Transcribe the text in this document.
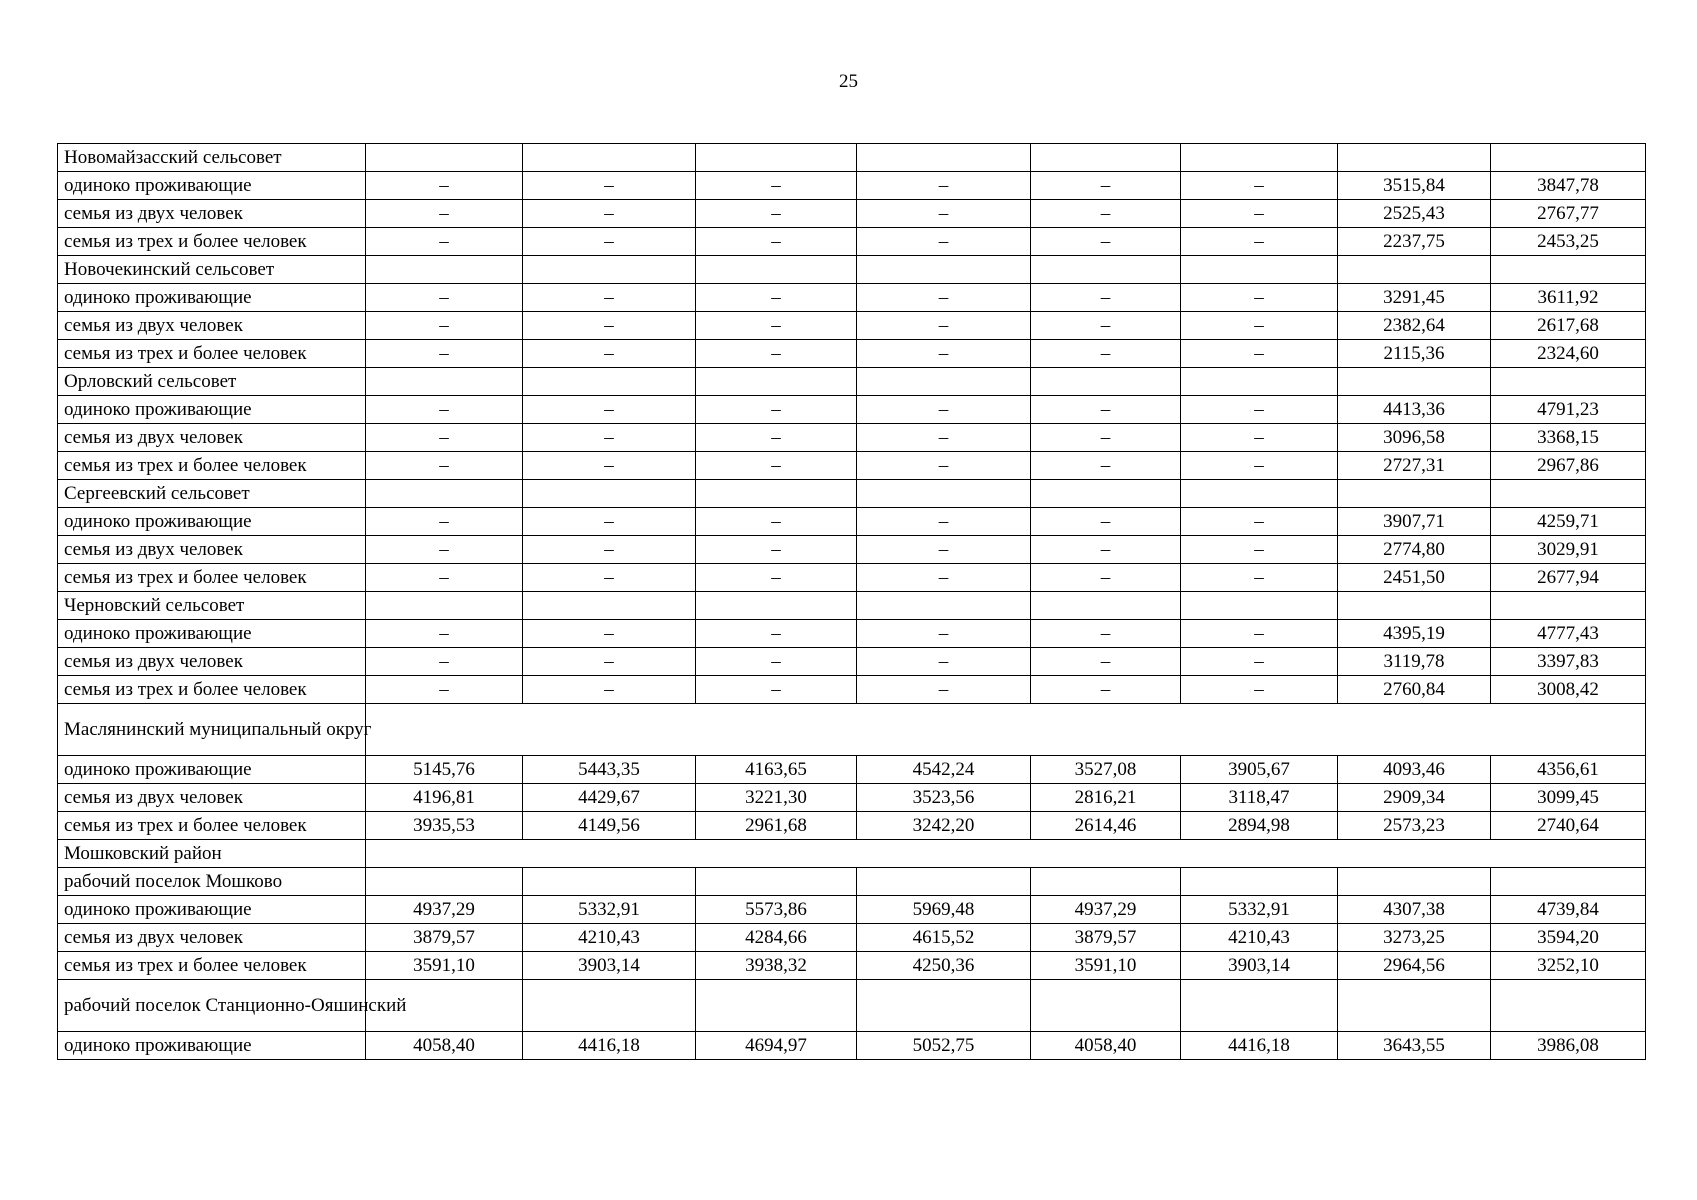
25
Новомайзасский сельсовет								
одиноко проживающие	–	–	–	–	–	–	3515,84	3847,78
семья из двух человек	–	–	–	–	–	–	2525,43	2767,77
семья из трех и более человек	–	–	–	–	–	–	2237,75	2453,25
Новочекинский сельсовет								
одиноко проживающие	–	–	–	–	–	–	3291,45	3611,92
семья из двух человек	–	–	–	–	–	–	2382,64	2617,68
семья из трех и более человек	–	–	–	–	–	–	2115,36	2324,60
Орловский сельсовет								
одиноко проживающие	–	–	–	–	–	–	4413,36	4791,23
семья из двух человек	–	–	–	–	–	–	3096,58	3368,15
семья из трех и более человек	–	–	–	–	–	–	2727,31	2967,86
Сергеевский сельсовет								
одиноко проживающие	–	–	–	–	–	–	3907,71	4259,71
семья из двух человек	–	–	–	–	–	–	2774,80	3029,91
семья из трех и более человек	–	–	–	–	–	–	2451,50	2677,94
Черновский сельсовет								
одиноко проживающие	–	–	–	–	–	–	4395,19	4777,43
семья из двух человек	–	–	–	–	–	–	3119,78	3397,83
семья из трех и более человек	–	–	–	–	–	–	2760,84	3008,42
Маслянинский муниципальный округ								
одиноко проживающие	5145,76	5443,35	4163,65	4542,24	3527,08	3905,67	4093,46	4356,61
семья из двух человек	4196,81	4429,67	3221,30	3523,56	2816,21	3118,47	2909,34	3099,45
семья из трех и более человек	3935,53	4149,56	2961,68	3242,20	2614,46	2894,98	2573,23	2740,64
Мошковский район								
рабочий поселок Мошково								
одиноко проживающие	4937,29	5332,91	5573,86	5969,48	4937,29	5332,91	4307,38	4739,84
семья из двух человек	3879,57	4210,43	4284,66	4615,52	3879,57	4210,43	3273,25	3594,20
семья из трех и более человек	3591,10	3903,14	3938,32	4250,36	3591,10	3903,14	2964,56	3252,10
рабочий поселок Станционно-Ояшинский								
одиноко проживающие	4058,40	4416,18	4694,97	5052,75	4058,40	4416,18	3643,55	3986,08
